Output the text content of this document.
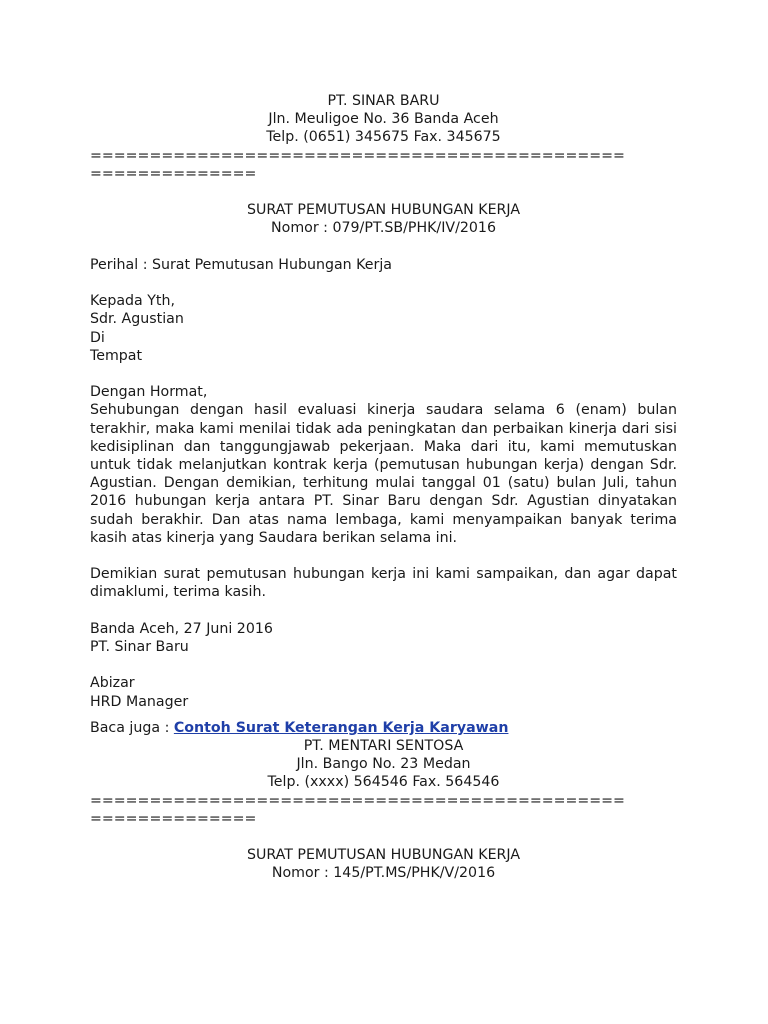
PT. SINAR BARU

Jln. Meuligoe No. 36 Banda Aceh

Telp. (0651) 345675 Fax. 345675

=============================================

==============

SURAT PEMUTUSAN HUBUNGAN KERJA

Nomor : 079/PT.SB/PHK/IV/2016

Perihal : Surat Pemutusan Hubungan Kerja

Kepada Yth,

Sdr. Agustian

Di

Tempat

Dengan Hormat,

Sehubungan dengan hasil evaluasi kinerja saudara selama 6 (enam) bulan terakhir, maka kami menilai tidak ada peningkatan dan perbaikan kinerja dari sisi kedisiplinan dan tanggungjawab pekerjaan. Maka dari itu, kami memutuskan untuk tidak melanjutkan kontrak kerja (pemutusan hubungan kerja) dengan Sdr. Agustian. Dengan demikian, terhitung mulai tanggal 01 (satu) bulan Juli, tahun 2016 hubungan kerja antara PT. Sinar Baru dengan Sdr. Agustian dinyatakan sudah berakhir. Dan atas nama lembaga, kami menyampaikan banyak terima kasih atas kinerja yang Saudara berikan selama ini.

Demikian surat pemutusan hubungan kerja ini kami sampaikan, dan agar dapat dimaklumi, terima kasih.

Banda Aceh, 27 Juni 2016

PT. Sinar Baru

Abizar

HRD Manager

Baca juga : Contoh Surat Keterangan Kerja Karyawan

PT. MENTARI SENTOSA

Jln. Bango No. 23 Medan

Telp. (xxxx) 564546 Fax. 564546

=============================================

==============

SURAT PEMUTUSAN HUBUNGAN KERJA

Nomor : 145/PT.MS/PHK/V/2016
